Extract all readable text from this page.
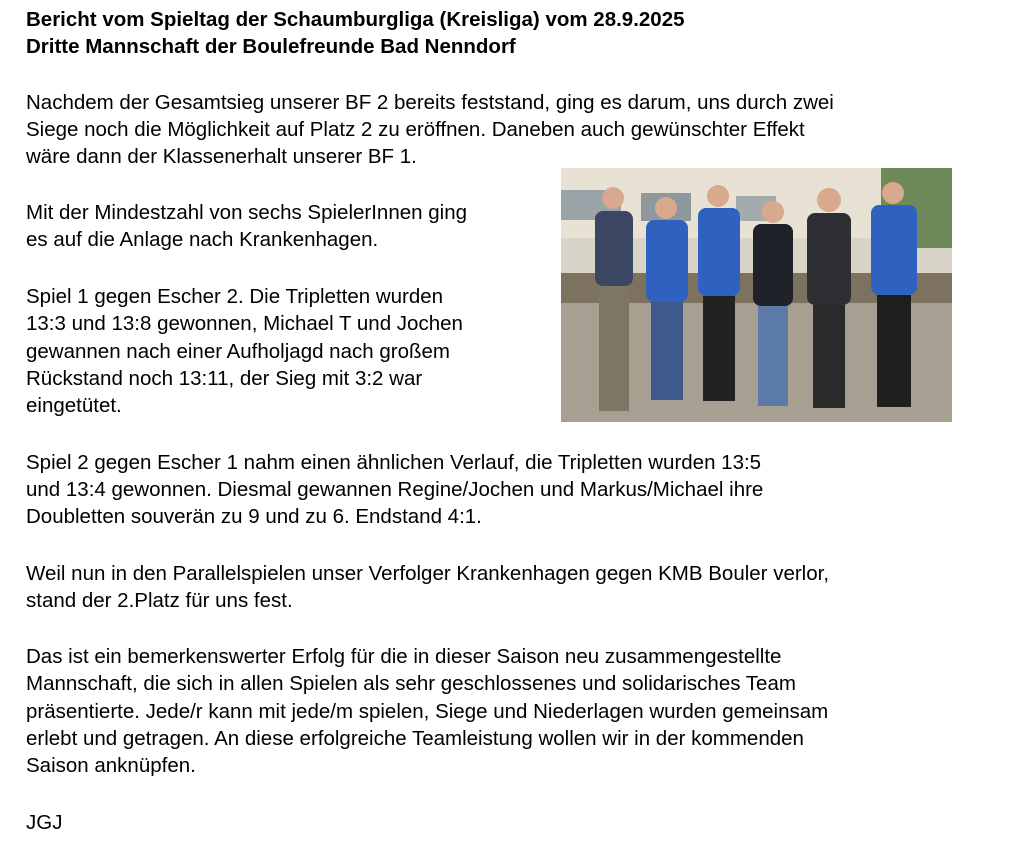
Bericht vom Spieltag der Schaumburgliga (Kreisliga) vom 28.9.2025
Dritte Mannschaft der Boulefreunde Bad Nenndorf
Nachdem der Gesamtsieg unserer BF 2 bereits feststand, ging es darum, uns durch zwei
Siege noch die Möglichkeit auf Platz 2 zu eröffnen. Daneben auch gewünschter Effekt
wäre dann der Klassenerhalt unserer BF 1.
Mit der Mindestzahl von sechs SpielerInnen ging
es auf die Anlage nach Krankenhagen.
Spiel 1 gegen Escher 2. Die Tripletten wurden
13:3 und 13:8 gewonnen, Michael T und Jochen
gewannen nach einer Aufholjagd nach großem
Rückstand noch 13:11, der Sieg mit 3:2 war
eingetütet.
Spiel 2 gegen Escher 1 nahm einen ähnlichen Verlauf, die Tripletten wurden 13:5
und 13:4 gewonnen. Diesmal gewannen Regine/Jochen und Markus/Michael ihre
Doubletten souverän zu 9 und zu 6. Endstand 4:1.
Weil nun in den Parallelspielen unser Verfolger Krankenhagen gegen KMB Bouler verlor,
stand der 2.Platz für uns fest.
Das ist ein bemerkenswerter Erfolg für die in dieser Saison neu zusammengestellte
Mannschaft, die sich in allen Spielen als sehr geschlossenes und solidarisches Team
präsentierte. Jede/r kann mit jede/m spielen, Siege und Niederlagen wurden gemeinsam
erlebt und getragen. An diese erfolgreiche Teamleistung wollen wir in der kommenden
Saison anknüpfen.
JGJ
